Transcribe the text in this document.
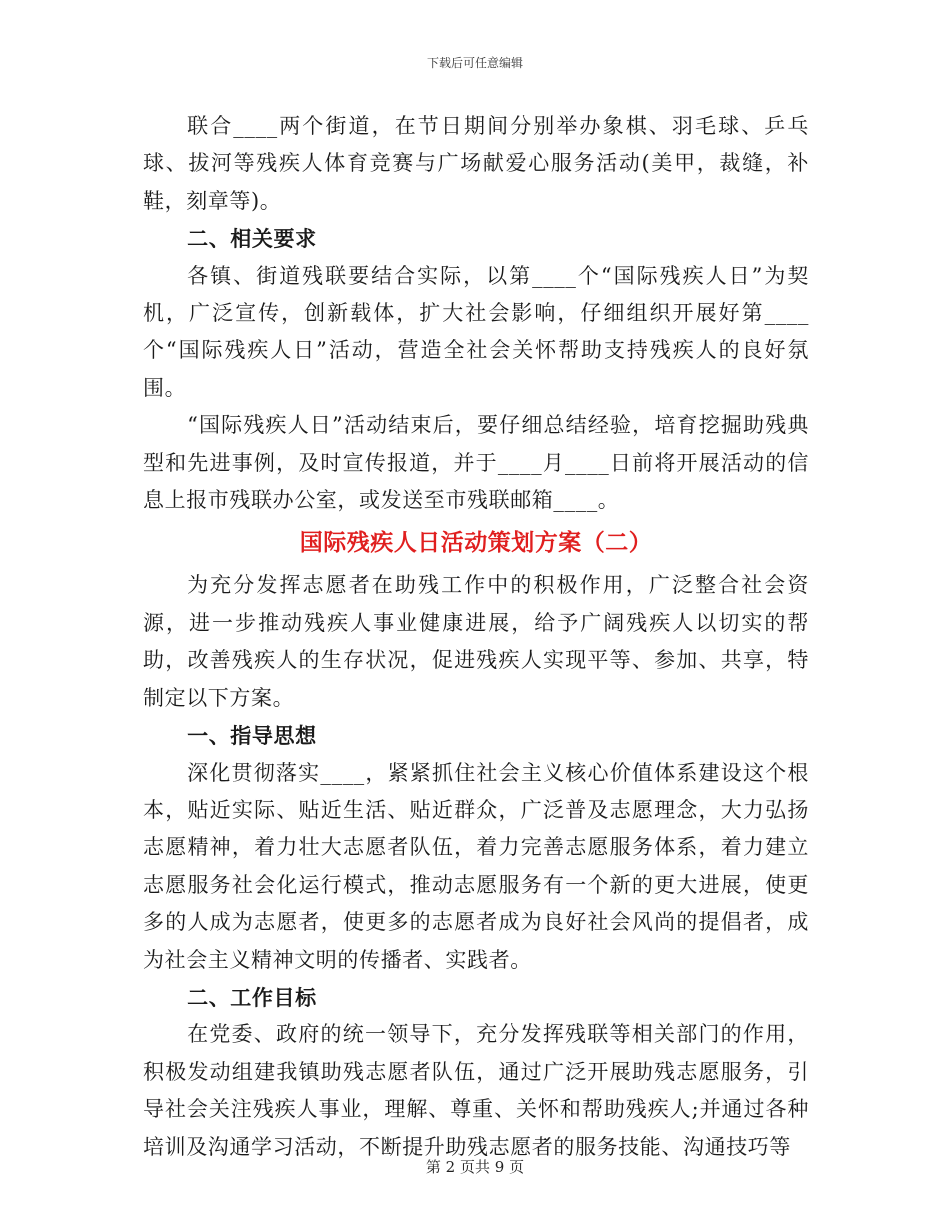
下载后可任意编辑

联合____两个街道，在节日期间分别举办象棋、羽毛球、乒乓球、拔河等残疾人体育竞赛与广场献爱心服务活动(美甲，裁缝，补鞋，刻章等)。

二、相关要求

各镇、街道残联要结合实际，以第____个“国际残疾人日”为契机，广泛宣传，创新载体，扩大社会影响，仔细组织开展好第____个“国际残疾人日”活动，营造全社会关怀帮助支持残疾人的良好氛围。

“国际残疾人日”活动结束后，要仔细总结经验，培育挖掘助残典型和先进事例，及时宣传报道，并于____月____日前将开展活动的信息上报市残联办公室，或发送至市残联邮箱____。

国际残疾人日活动策划方案（二）

为充分发挥志愿者在助残工作中的积极作用，广泛整合社会资源，进一步推动残疾人事业健康进展，给予广阔残疾人以切实的帮助，改善残疾人的生存状况，促进残疾人实现平等、参加、共享，特制定以下方案。

一、指导思想

深化贯彻落实____，紧紧抓住社会主义核心价值体系建设这个根本，贴近实际、贴近生活、贴近群众，广泛普及志愿理念，大力弘扬志愿精神，着力壮大志愿者队伍，着力完善志愿服务体系，着力建立志愿服务社会化运行模式，推动志愿服务有一个新的更大进展，使更多的人成为志愿者，使更多的志愿者成为良好社会风尚的提倡者，成为社会主义精神文明的传播者、实践者。

二、工作目标

在党委、政府的统一领导下，充分发挥残联等相关部门的作用，积极发动组建我镇助残志愿者队伍，通过广泛开展助残志愿服务，引导社会关注残疾人事业，理解、尊重、关怀和帮助残疾人;并通过各种培训及沟通学习活动，不断提升助残志愿者的服务技能、沟通技巧等

第 2 页共 9 页
